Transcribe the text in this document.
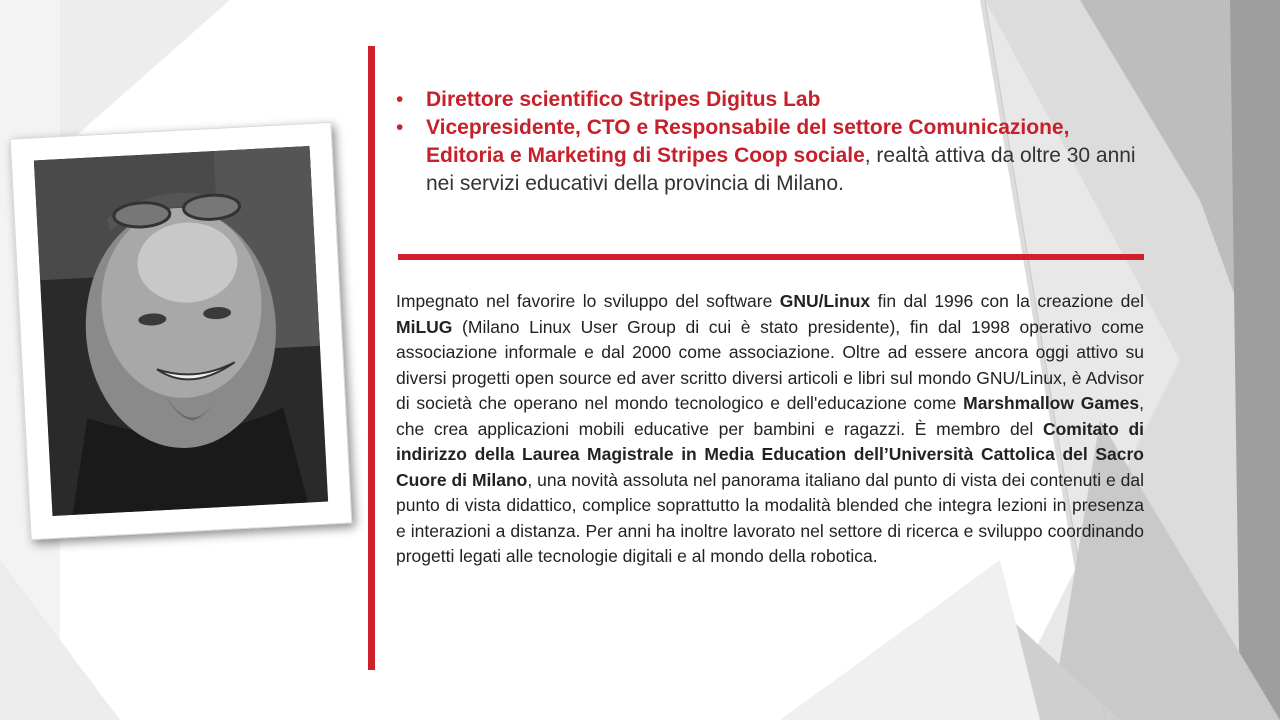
• Direttore scientifico Stripes Digitus Lab
• Vicepresidente, CTO e Responsabile del settore Comunicazione, Editoria e Marketing di Stripes Coop sociale, realtà attiva da oltre 30 anni nei servizi educativi della provincia di Milano.
Impegnato nel favorire lo sviluppo del software GNU/Linux fin dal 1996 con la creazione del MiLUG (Milano Linux User Group di cui è stato presidente), fin dal 1998 operativo come associazione informale e dal 2000 come associazione. Oltre ad essere ancora oggi attivo su diversi progetti open source ed aver scritto diversi articoli e libri sul mondo GNU/Linux, è Advisor di società che operano nel mondo tecnologico e dell'educazione come Marshmallow Games, che crea applicazioni mobili educative per bambini e ragazzi. È membro del Comitato di indirizzo della Laurea Magistrale in Media Education dell’Università Cattolica del Sacro Cuore di Milano, una novità assoluta nel panorama italiano dal punto di vista dei contenuti e dal punto di vista didattico, complice soprattutto la modalità blended che integra lezioni in presenza e interazioni a distanza. Per anni ha inoltre lavorato nel settore di ricerca e sviluppo coordinando progetti legati alle tecnologie digitali e al mondo della robotica.
